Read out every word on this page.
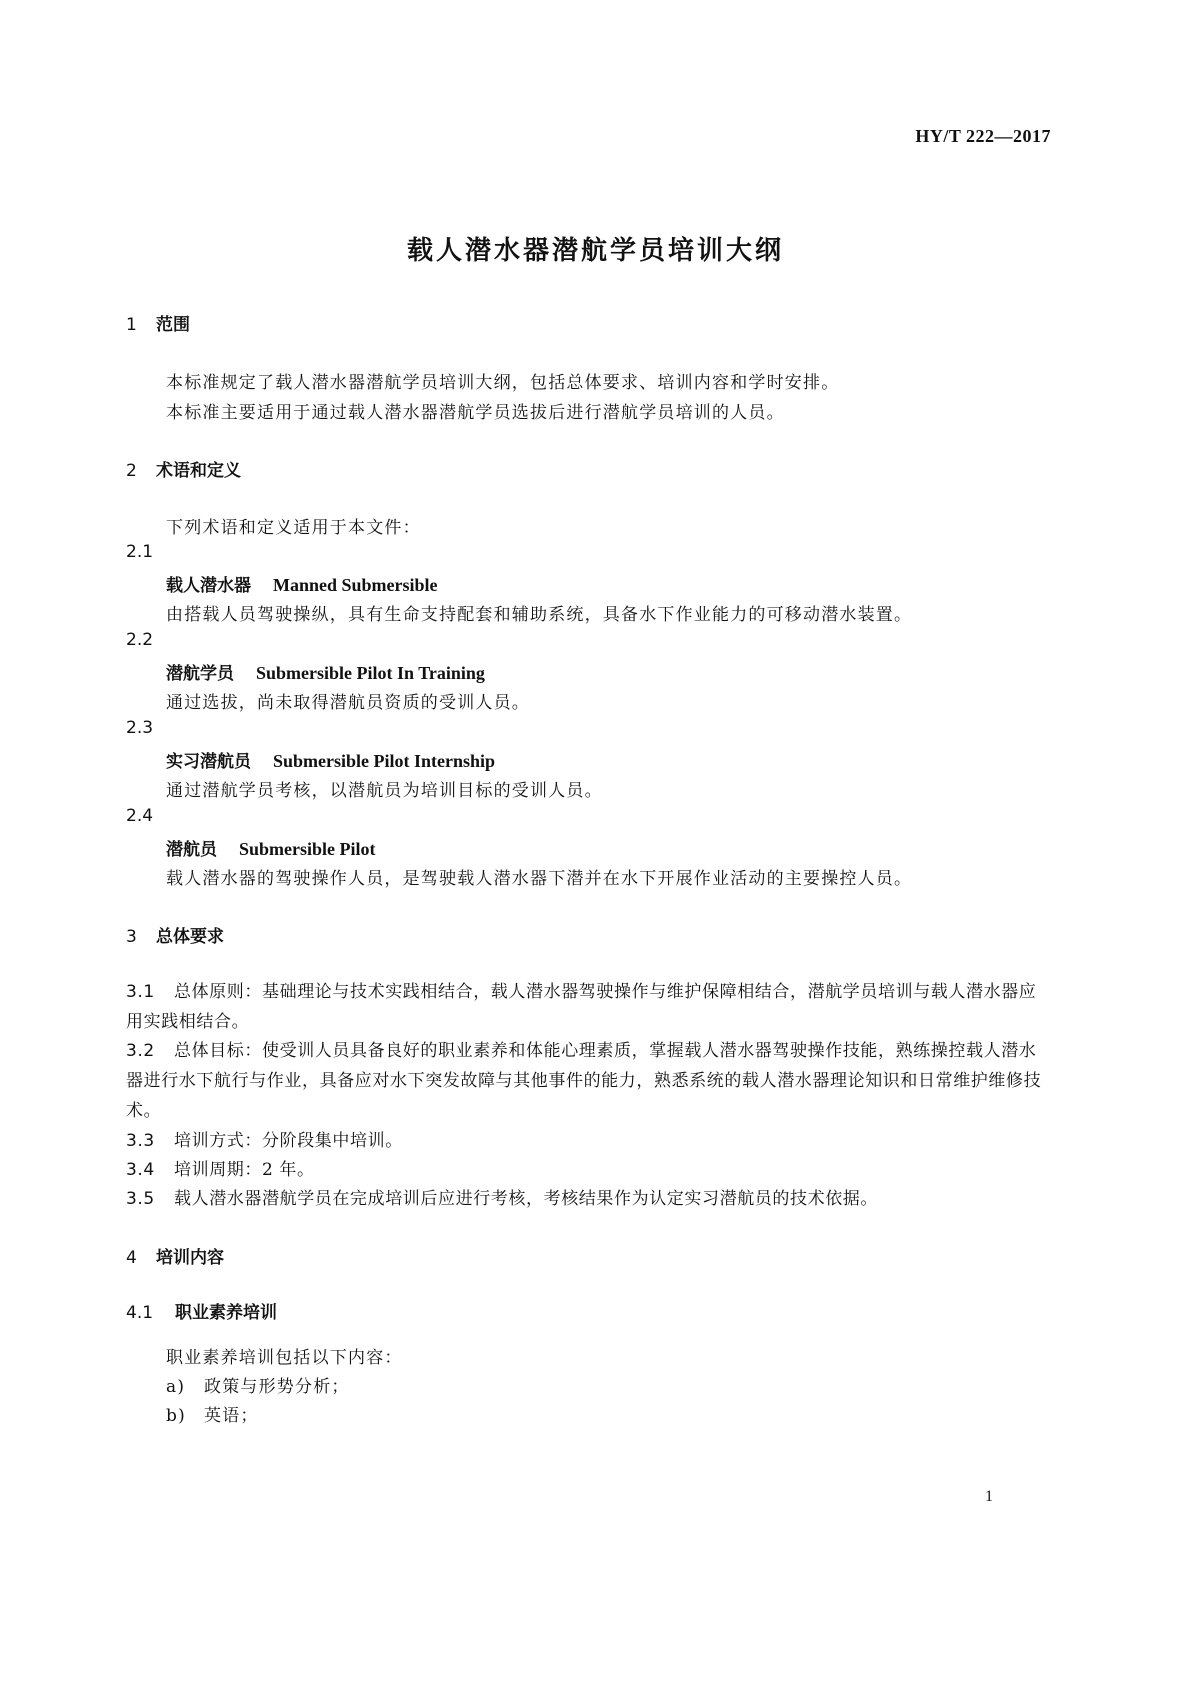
HY/T 222—2017
载人潜水器潜航学员培训大纲
1 范围
本标准规定了载人潜水器潜航学员培训大纲，包括总体要求、培训内容和学时安排。
本标准主要适用于通过载人潜水器潜航学员选拔后进行潜航学员培训的人员。
2 术语和定义
下列术语和定义适用于本文件：
2.1
载人潜水器 Manned Submersible
由搭载人员驾驶操纵，具有生命支持配套和辅助系统，具备水下作业能力的可移动潜水装置。
2.2
潜航学员 Submersible Pilot In Training
通过选拔，尚未取得潜航员资质的受训人员。
2.3
实习潜航员 Submersible Pilot Internship
通过潜航学员考核，以潜航员为培训目标的受训人员。
2.4
潜航员 Submersible Pilot
载人潜水器的驾驶操作人员，是驾驶载人潜水器下潜并在水下开展作业活动的主要操控人员。
3 总体要求
3.1 总体原则：基础理论与技术实践相结合，载人潜水器驾驶操作与维护保障相结合，潜航学员培训与载人潜水器应用实践相结合。
3.2 总体目标：使受训人员具备良好的职业素养和体能心理素质，掌握载人潜水器驾驶操作技能，熟练操控载人潜水器进行水下航行与作业，具备应对水下突发故障与其他事件的能力，熟悉系统的载人潜水器理论知识和日常维护维修技术。
3.3 培训方式：分阶段集中培训。
3.4 培训周期：2 年。
3.5 载人潜水器潜航学员在完成培训后应进行考核，考核结果作为认定实习潜航员的技术依据。
4 培训内容
4.1 职业素养培训
职业素养培训包括以下内容：
a) 政策与形势分析；
b) 英语；
1
